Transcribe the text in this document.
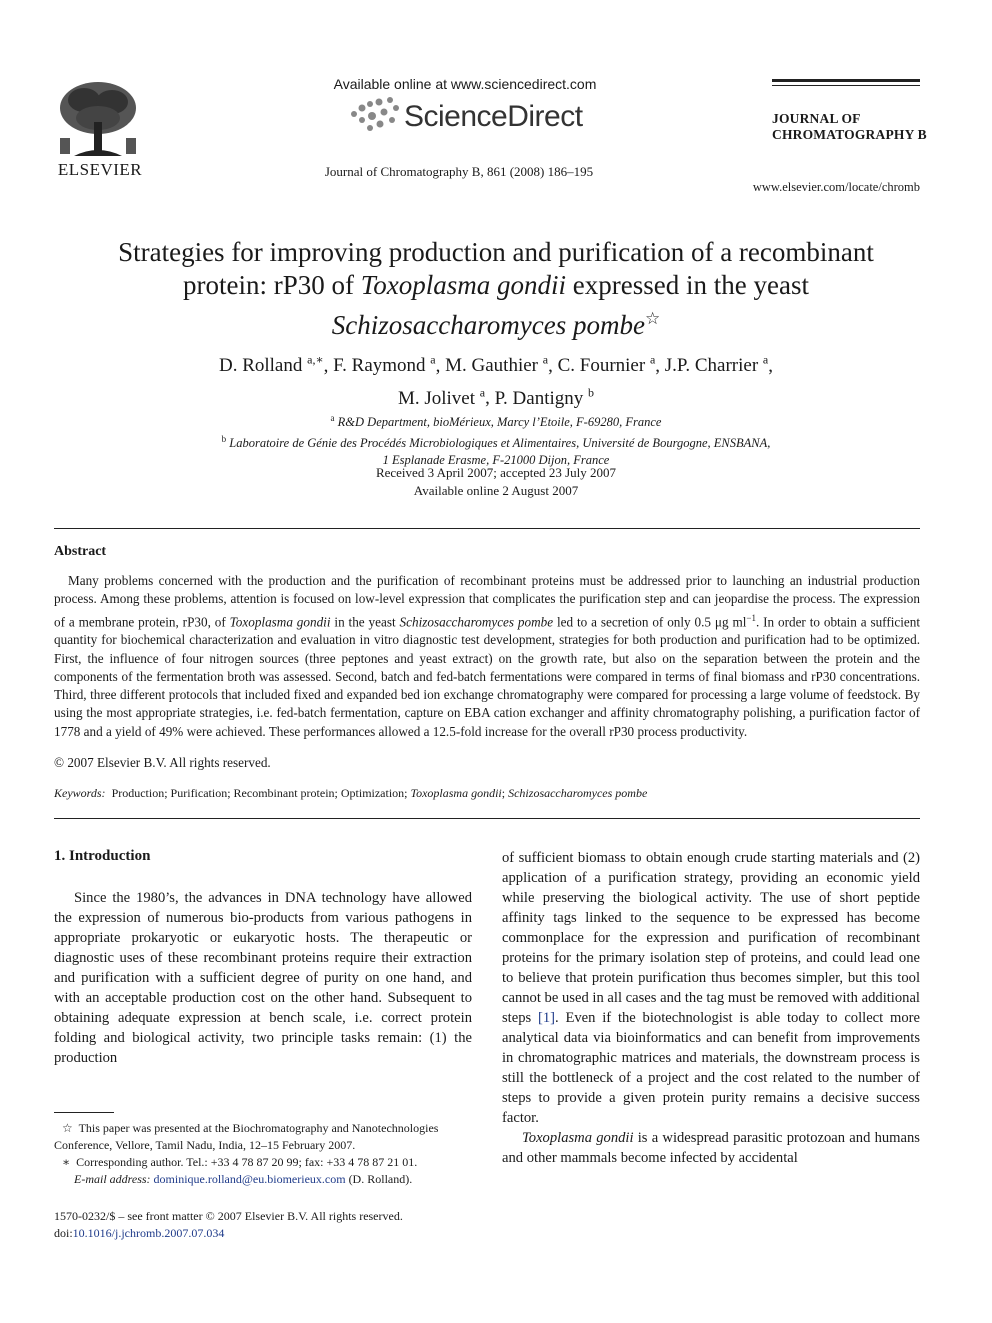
ELSEVIER
Available online at www.sciencedirect.com
ScienceDirect
Journal of Chromatography B, 861 (2008) 186–195
JOURNAL OF
CHROMATOGRAPHY B
www.elsevier.com/locate/chromb
Strategies for improving production and purification of a recombinant
protein: rP30 of Toxoplasma gondii expressed in the yeast
Schizosaccharomyces pombe☆
D. Rolland $^{a,∗}$, F. Raymond $^a$, M. Gauthier $^a$, C. Fournier $^a$, J.P. Charrier $^a$,
M. Jolivet $^a$, P. Dantigny $^b$
$^a$ R&D Department, bioMérieux, Marcy l’Etoile, F-69280, France
$^b$ Laboratoire de Génie des Procédés Microbiologiques et Alimentaires, Université de Bourgogne, ENSBANA,
1 Esplanade Erasme, F-21000 Dijon, France
Received 3 April 2007; accepted 23 July 2007
Available online 2 August 2007
Abstract

Many problems concerned with the production and the purification of recombinant proteins must be addressed prior to launching an industrial production process. Among these problems, attention is focused on low-level expression that complicates the purification step and can jeopardise the process. The expression of a membrane protein, rP30, of Toxoplasma gondii in the yeast Schizosaccharomyces pombe led to a secretion of only 0.5 μg $ml^{-1}$. In order to obtain a sufficient quantity for biochemical characterization and evaluation in vitro diagnostic test development, strategies for both production and purification had to be optimized. First, the influence of four nitrogen sources (three peptones and yeast extract) on the growth rate, but also on the separation between the protein and the components of the fermentation broth was assessed. Second, batch and fed-batch fermentations were compared in terms of final biomass and rP30 concentrations. Third, three different protocols that included fixed and expanded bed ion exchange chromatography were compared for processing a large volume of feedstock. By using the most appropriate strategies, i.e. fed-batch fermentation, capture on EBA cation exchanger and affinity chromatography polishing, a purification factor of 1778 and a yield of 49% were achieved. These performances allowed a 12.5-fold increase for the overall rP30 process productivity.

© 2007 Elsevier B.V. All rights reserved.
Keywords: Production; Purification; Recombinant protein; Optimization; Toxoplasma gondii; Schizosaccharomyces pombe
1. Introduction

Since the 1980’s, the advances in DNA technology have allowed the expression of numerous bio-products from various pathogens in appropriate prokaryotic or eukaryotic hosts. The therapeutic or diagnostic uses of these recombinant proteins require their extraction and purification with a sufficient degree of purity on one hand, and with an acceptable production cost on the other hand. Subsequent to obtaining adequate expression at bench scale, i.e. correct protein folding and biological activity, two principle tasks remain: (1) the production

of sufficient biomass to obtain enough crude starting materials and (2) application of a purification strategy, providing an economic yield while preserving the biological activity. The use of short peptide affinity tags linked to the sequence to be expressed has become commonplace for the expression and purification of recombinant proteins for the primary isolation step of proteins, and could lead one to believe that protein purification thus becomes simpler, but this tool cannot be used in all cases and the tag must be removed with additional steps [1]. Even if the biotechnologist is able today to collect more analytical data via bioinformatics and can benefit from improvements in chromatographic matrices and materials, the downstream process is still the bottleneck of a project and the cost related to the number of steps to provide a given protein purity remains a decisive success factor.

Toxoplasma gondii is a widespread parasitic protozoan and humans and other mammals become infected by accidental

☆ This paper was presented at the Biochromatography and Nanotechnologies Conference, Vellore, Tamil Nadu, India, 12–15 February 2007.

∗ Corresponding author. Tel.: +33 4 78 87 20 99; fax: +33 4 78 87 21 01.

E-mail address: dominique.rolland@eu.biomerieux.com (D. Rolland).

1570-0232/$ – see front matter © 2007 Elsevier B.V. All rights reserved.

doi:10.1016/j.jchromb.2007.07.034
